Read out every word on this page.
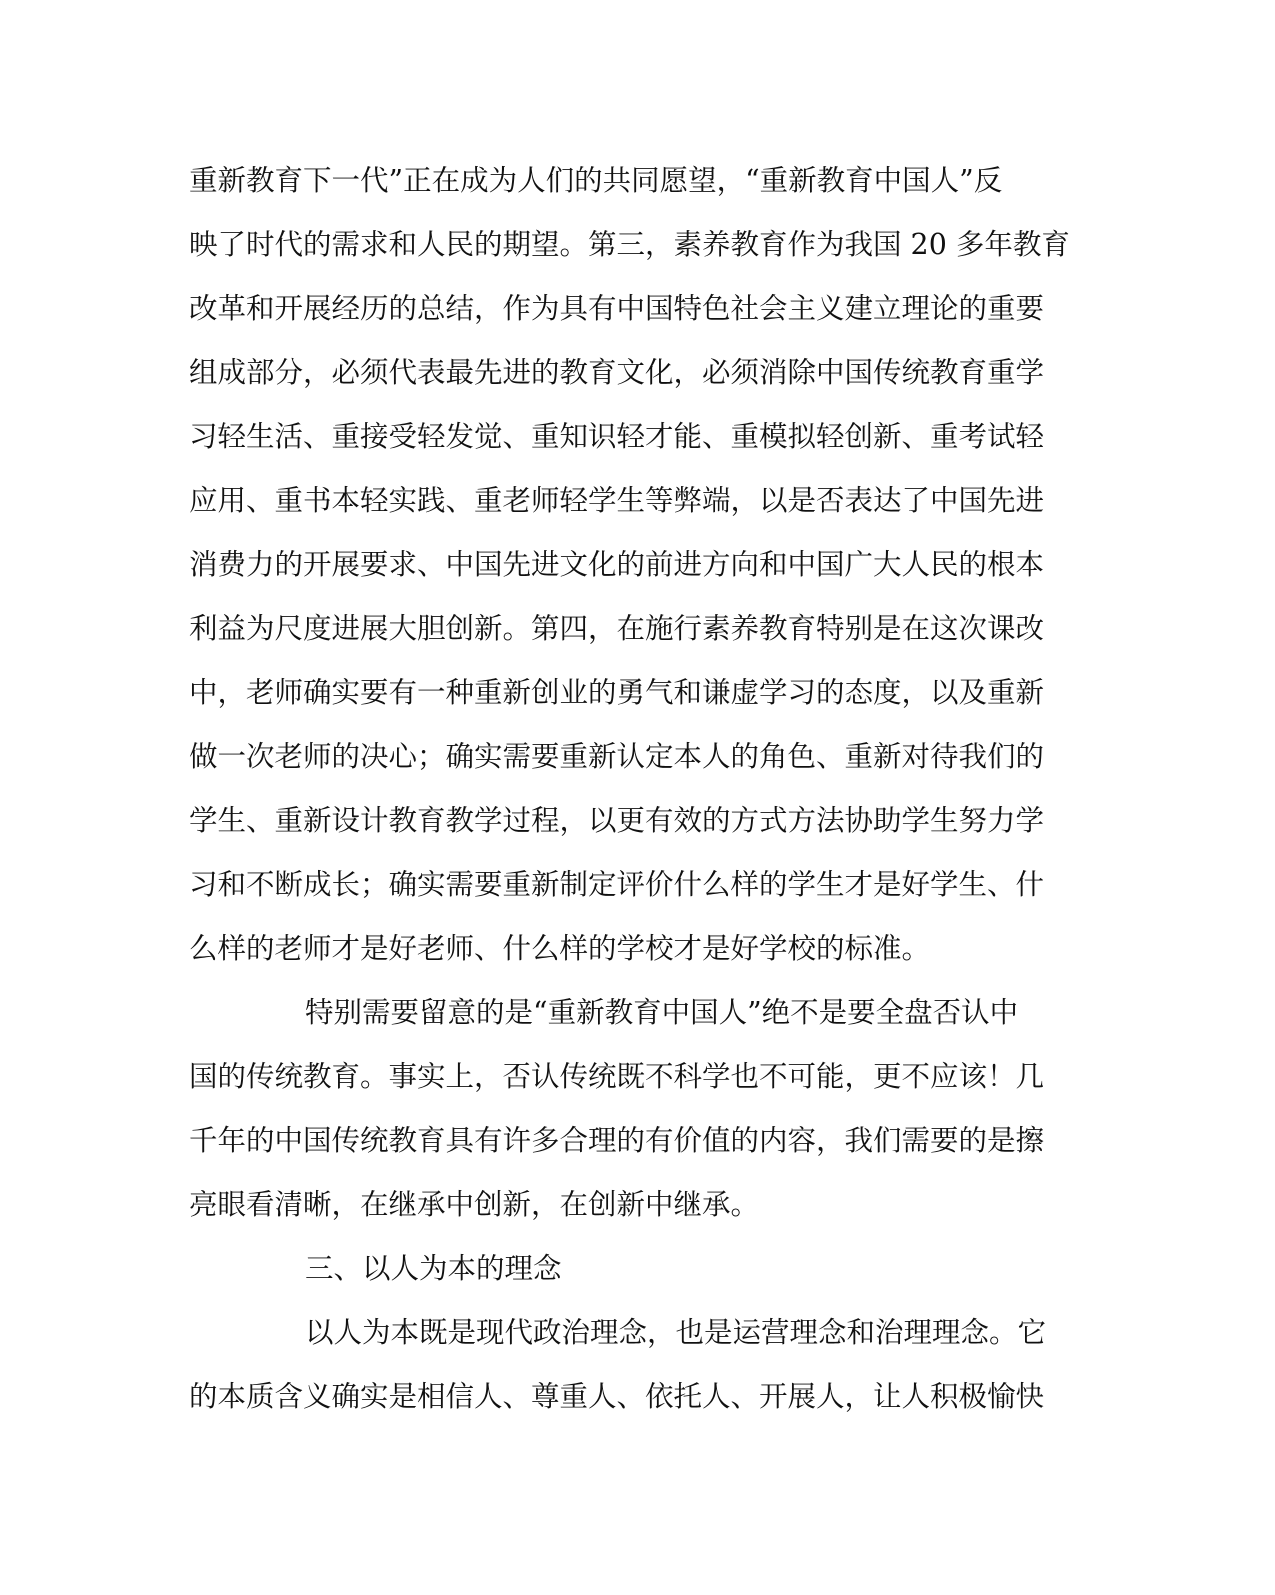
重新教育下一代”正在成为人们的共同愿望，“重新教育中国人”反
映了时代的需求和人民的期望。第三，素养教育作为我国 20 多年教育
改革和开展经历的总结，作为具有中国特色社会主义建立理论的重要
组成部分，必须代表最先进的教育文化，必须消除中国传统教育重学
习轻生活、重接受轻发觉、重知识轻才能、重模拟轻创新、重考试轻
应用、重书本轻实践、重老师轻学生等弊端，以是否表达了中国先进
消费力的开展要求、中国先进文化的前进方向和中国广大人民的根本
利益为尺度进展大胆创新。第四，在施行素养教育特别是在这次课改
中，老师确实要有一种重新创业的勇气和谦虚学习的态度，以及重新
做一次老师的决心；确实需要重新认定本人的角色、重新对待我们的
学生、重新设计教育教学过程，以更有效的方式方法协助学生努力学
习和不断成长；确实需要重新制定评价什么样的学生才是好学生、什
么样的老师才是好老师、什么样的学校才是好学校的标准。
特别需要留意的是“重新教育中国人”绝不是要全盘否认中
国的传统教育。事实上，否认传统既不科学也不可能，更不应该！几
千年的中国传统教育具有许多合理的有价值的内容，我们需要的是擦
亮眼看清晰，在继承中创新，在创新中继承。
三、以人为本的理念
以人为本既是现代政治理念，也是运营理念和治理理念。它
的本质含义确实是相信人、尊重人、依托人、开展人，让人积极愉快
